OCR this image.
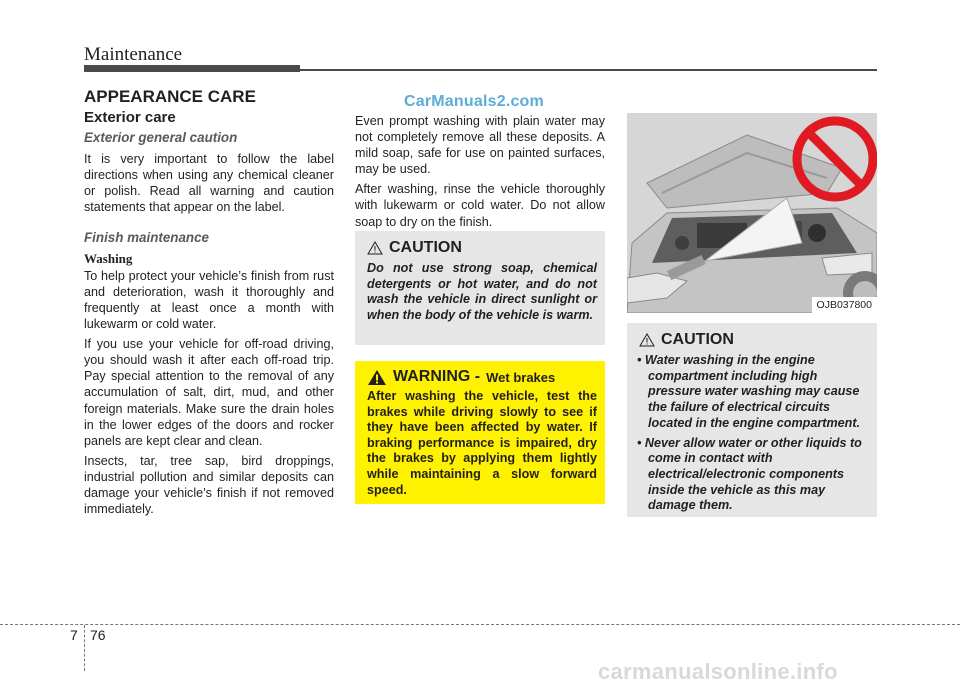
Maintenance
APPEARANCE CARE	CarManuals2.com
Exterior care
Exterior general caution

It is very important to follow the label directions when using any chemical cleaner or polish. Read all warning and caution statements that appear on the label.

Finish maintenance
Washing

To help protect your vehicle’s finish from rust and deterioration, wash it thoroughly and frequently at least once a month with lukewarm or cold water.

If you use your vehicle for off-road driving, you should wash it after each off-road trip. Pay special attention to the removal of any accumulation of salt, dirt, mud, and other foreign materials. Make sure the drain holes in the lower edges of the doors and rocker panels are kept clear and clean.

Insects, tar, tree sap, bird droppings, industrial pollution and similar deposits can damage your vehicle’s finish if not removed immediately.

Even prompt washing with plain water may not completely remove all these deposits. A mild soap, safe for use on painted surfaces, may be used.

After washing, rinse the vehicle thoroughly with lukewarm or cold water. Do not allow soap to dry on the finish.

CAUTION
Do not use strong soap, chemical detergents or hot water, and do not wash the vehicle in direct sunlight or when the body of the vehicle is warm.
WARNING - Wet brakes
After washing the vehicle, test the brakes while driving slowly to see if they have been affected by water. If braking performance is impaired, dry the brakes by applying them lightly while maintaining a slow forward speed.
OJB037800
CAUTION
• Water washing in the engine compartment including high pressure water washing may cause the failure of electrical circuits located in the engine compartment.
• Never allow water or other liquids to come in contact with electrical/electronic components inside the vehicle as this may damage them.
7 76
carmanualsonline.info
